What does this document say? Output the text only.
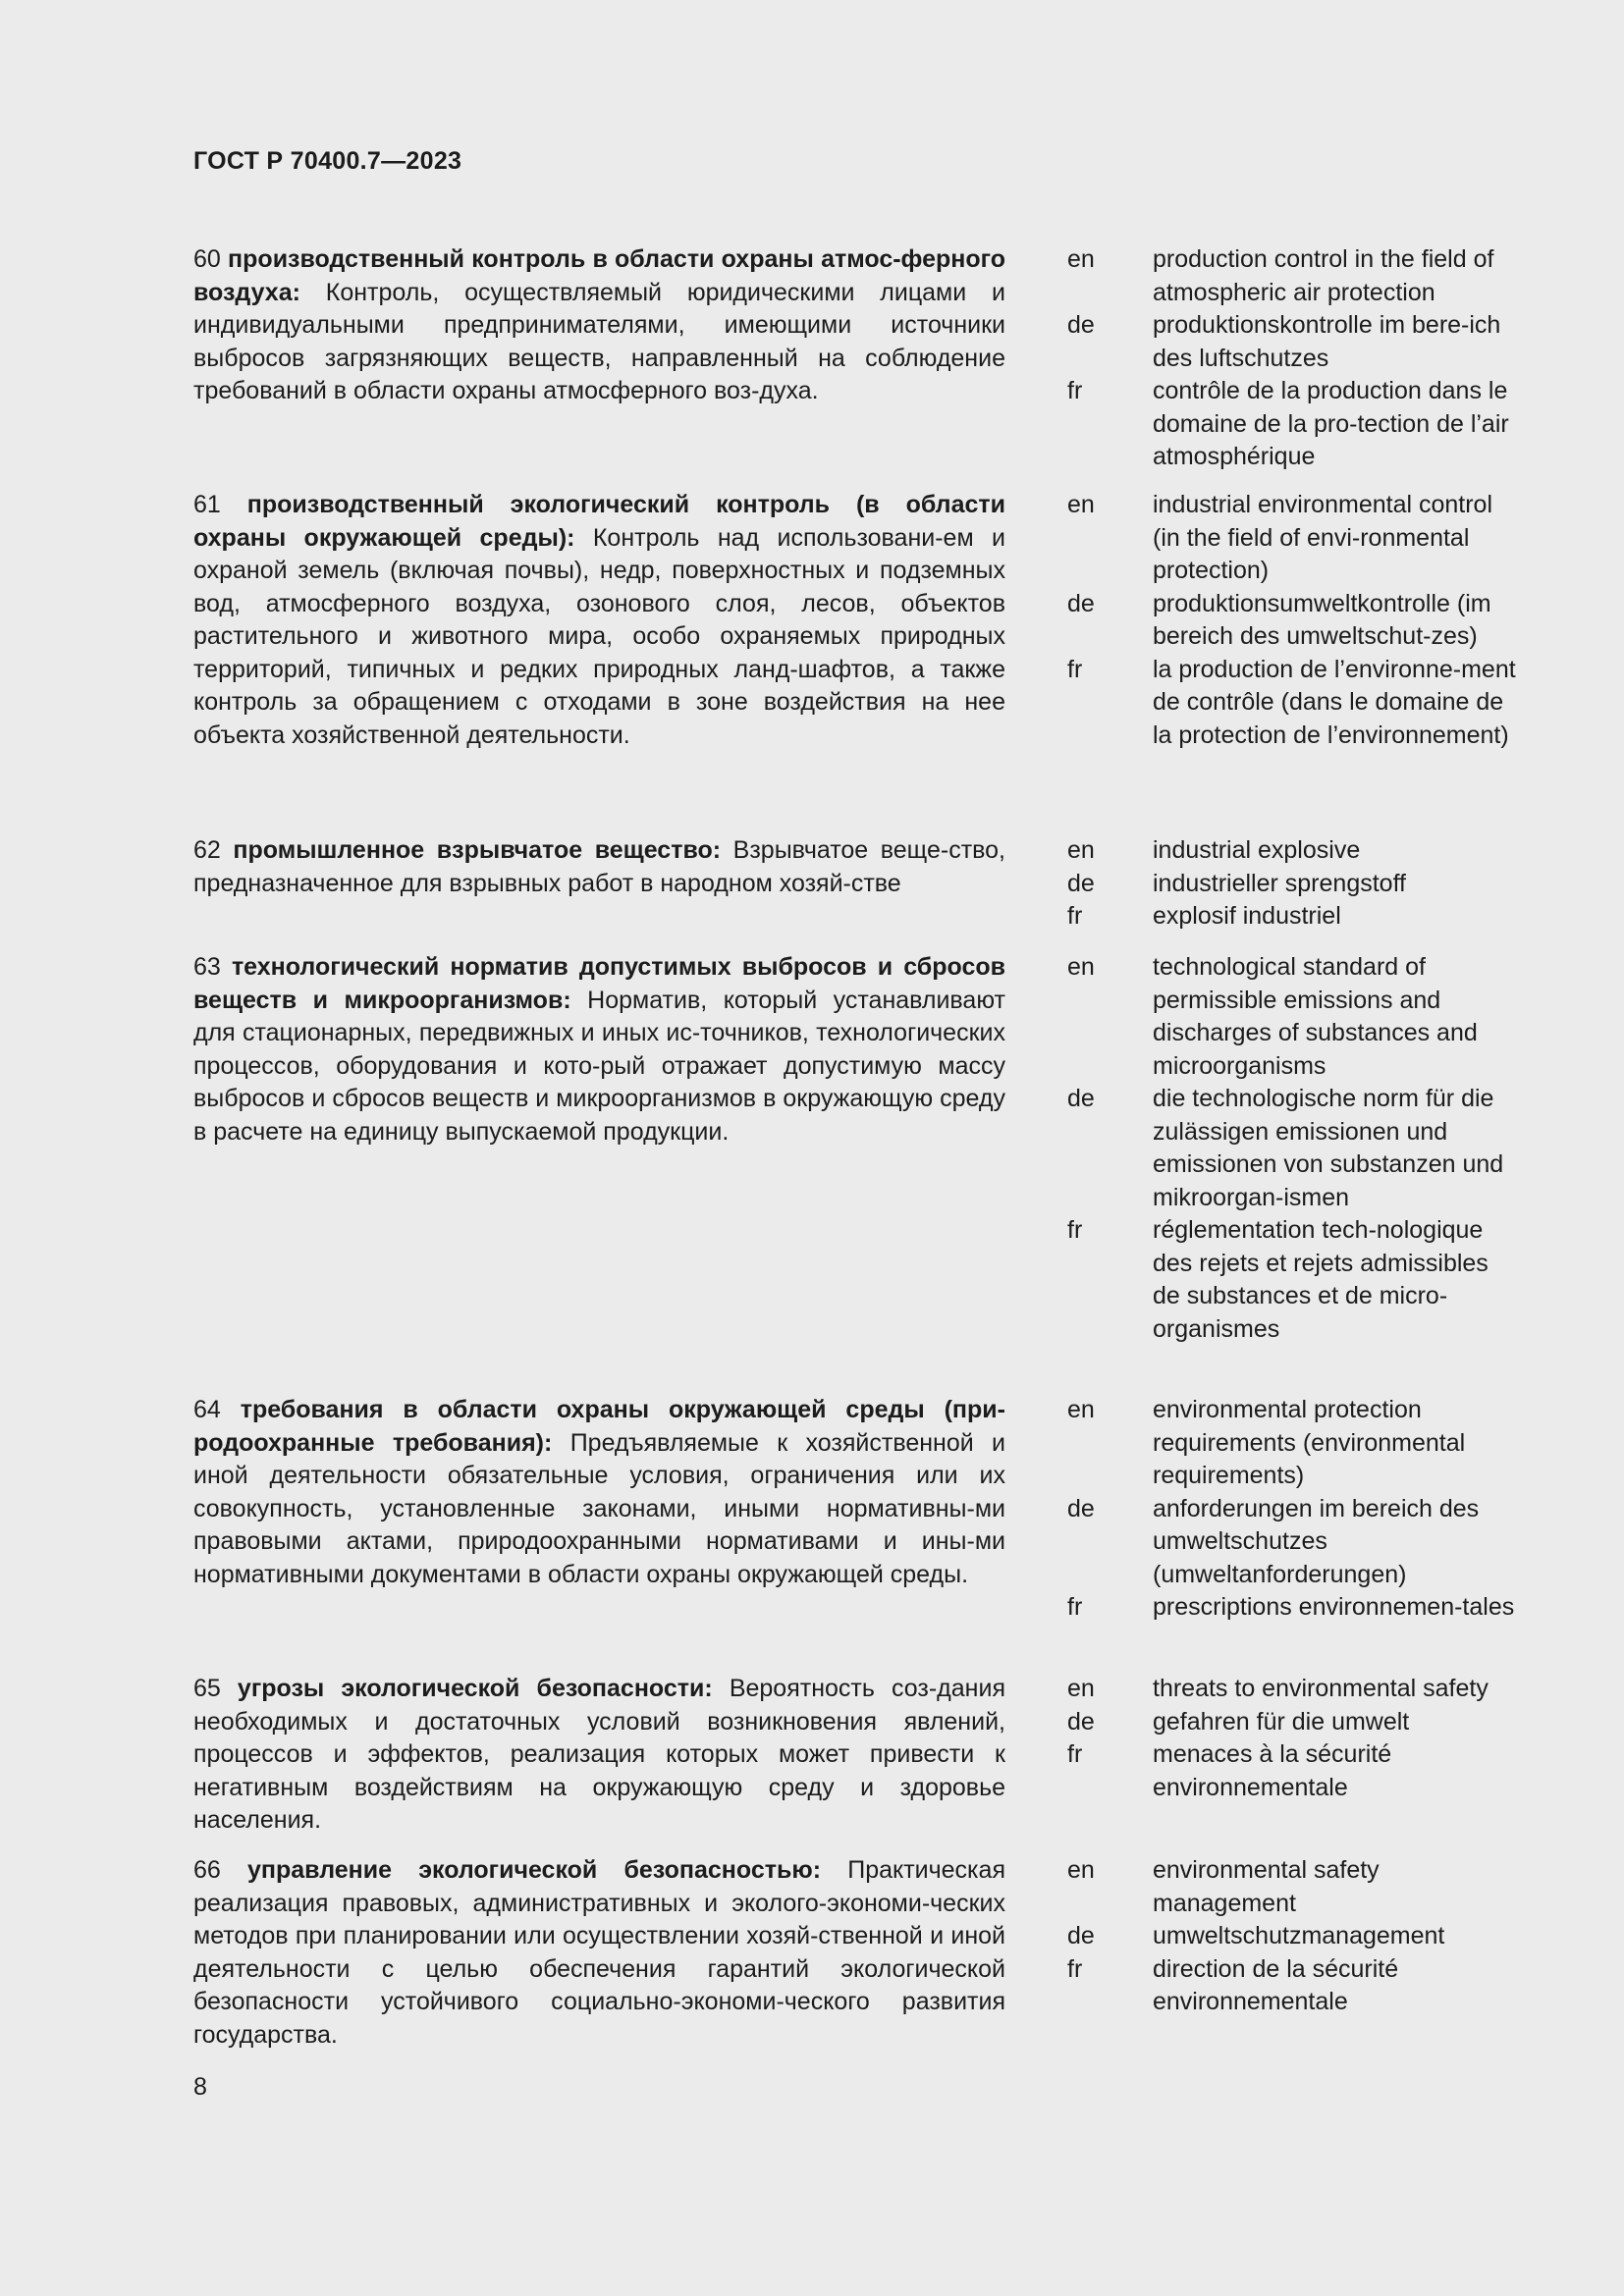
ГОСТ Р 70400.7—2023
60 производственный контроль в области охраны атмос-ферного воздуха: Контроль, осуществляемый юридическими лицами и индивидуальными предпринимателями, имеющими источники выбросов загрязняющих веществ, направленный на соблюдение требований в области охраны атмосферного воз-духа.
en	production control in the field of atmospheric air protection
de	produktionskontrolle im bere-ich des luftschutzes
fr	contrôle de la production dans le domaine de la pro-tection de l’air atmosphérique
61 производственный экологический контроль (в области охраны окружающей среды): Контроль над использовани-ем и охраной земель (включая почвы), недр, поверхностных и подземных вод, атмосферного воздуха, озонового слоя, лесов, объектов растительного и животного мира, особо охраняемых природных территорий, типичных и редких природных ланд-шафтов, а также контроль за обращением с отходами в зоне воздействия на нее объекта хозяйственной деятельности.
en	industrial environmental control (in the field of envi-ronmental protection)
de	produktionsumweltkontrolle (im bereich des umweltschut-zes)
fr	la production de l’environne-ment de contrôle (dans le domaine de la protection de l’environnement)
62 промышленное взрывчатое вещество: Взрывчатое веще-ство, предназначенное для взрывных работ в народном хозяй-стве
en	industrial explosive
de	industrieller sprengstoff
fr	explosif industriel
63 технологический норматив допустимых выбросов и сбросов веществ и микроорганизмов: Норматив, который устанавливают для стационарных, передвижных и иных ис-точников, технологических процессов, оборудования и кото-рый отражает допустимую массу выбросов и сбросов веществ и микроорганизмов в окружающую среду в расчете на единицу выпускаемой продукции.
en	technological standard of permissible emissions and discharges of substances and microorganisms
de	die technologische norm für die zulässigen emissionen und emissionen von substanzen und mikroorgan-ismen
fr	réglementation tech-nologique des rejets et rejets admissibles de substances et de micro-organismes
64 требования в области охраны окружающей среды (при-родоохранные требования): Предъявляемые к хозяйственной и иной деятельности обязательные условия, ограничения или их совокупность, установленные законами, иными нормативны-ми правовыми актами, природоохранными нормативами и ины-ми нормативными документами в области охраны окружающей среды.
en	environmental protection requirements (environmental requirements)
de	anforderungen im bereich des umweltschutzes (umweltanforderungen)
fr	prescriptions environnemen-tales
65 угрозы экологической безопасности: Вероятность соз-дания необходимых и достаточных условий возникновения явлений, процессов и эффектов, реализация которых может привести к негативным воздействиям на окружающую среду и здоровье населения.
en	threats to environmental safety
de	gefahren für die umwelt
fr	menaces à la sécurité environnementale
66 управление экологической безопасностью: Практическая реализация правовых, административных и эколого-экономи-ческих методов при планировании или осуществлении хозяй-ственной и иной деятельности с целью обеспечения гарантий экологической безопасности устойчивого социально-экономи-ческого развития государства.
en	environmental safety management
de	umweltschutzmanagement
fr	direction de la sécurité environnementale
8
